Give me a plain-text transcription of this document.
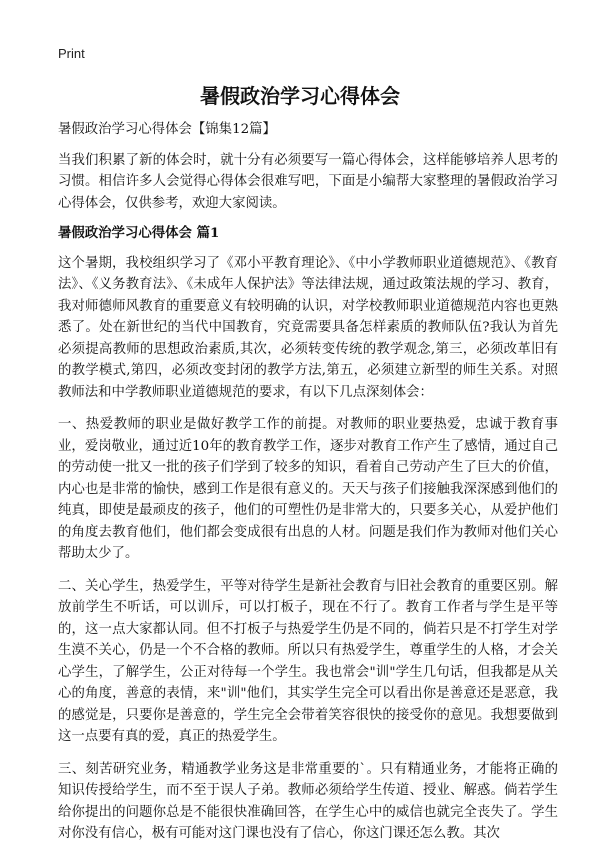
Print
暑假政治学习心得体会

暑假政治学习心得体会【锦集12篇】

当我们积累了新的体会时，就十分有必须要写一篇心得体会，这样能够培养人思考的习惯。相信许多人会觉得心得体会很难写吧，下面是小编帮大家整理的暑假政治学习心得体会，仅供参考，欢迎大家阅读。

暑假政治学习心得体会 篇1

这个暑期，我校组织学习了《邓小平教育理论》、《中小学教师职业道德规范》、《教育法》、《义务教育法》、《未成年人保护法》等法律法规，通过政策法规的学习、教育，我对师德师风教育的重要意义有较明确的认识，对学校教师职业道德规范内容也更熟悉了。处在新世纪的当代中国教育，究竟需要具备怎样素质的教师队伍?我认为首先必须提高教师的思想政治素质,其次，必须转变传统的教学观念,第三，必须改革旧有的教学模式,第四，必须改变封闭的教学方法,第五，必须建立新型的师生关系。对照教师法和中学教师职业道德规范的要求，有以下几点深刻体会：

一、热爱教师的职业是做好教学工作的前提。对教师的职业要热爱，忠诚于教育事业，爱岗敬业，通过近10年的教育教学工作，逐步对教育工作产生了感情，通过自己的劳动使一批又一批的孩子们学到了较多的知识，看着自己劳动产生了巨大的价值，内心也是非常的愉快，感到工作是很有意义的。天天与孩子们接触我深深感到他们的纯真，即使是最顽皮的孩子，他们的可塑性仍是非常大的，只要多关心，从爱护他们的角度去教育他们，他们都会变成很有出息的人材。问题是我们作为教师对他们关心帮助太少了。

二、关心学生，热爱学生，平等对待学生是新社会教育与旧社会教育的重要区别。解放前学生不听话，可以训斥，可以打板子，现在不行了。教育工作者与学生是平等的，这一点大家都认同。但不打板子与热爱学生仍是不同的，倘若只是不打学生对学生漠不关心，仍是一个不合格的教师。所以只有热爱学生，尊重学生的人格，才会关心学生，了解学生，公正对待每一个学生。我也常会"训"学生几句话，但我都是从关心的角度，善意的表情，来"训"他们，其实学生完全可以看出你是善意还是恶意，我的感觉是，只要你是善意的，学生完全会带着笑容很快的接受你的意见。我想要做到这一点要有真的爱，真正的热爱学生。

三、刻苦研究业务，精通教学业务这是非常重要的`。只有精通业务，才能将正确的知识传授给学生，而不至于误人子弟。教师必须给学生传道、授业、解惑。倘若学生给你提出的问题你总是不能很快准确回答，在学生心中的威信也就完全丧失了。学生对你没有信心，极有可能对这门课也没有了信心，你这门课还怎么教。其次
